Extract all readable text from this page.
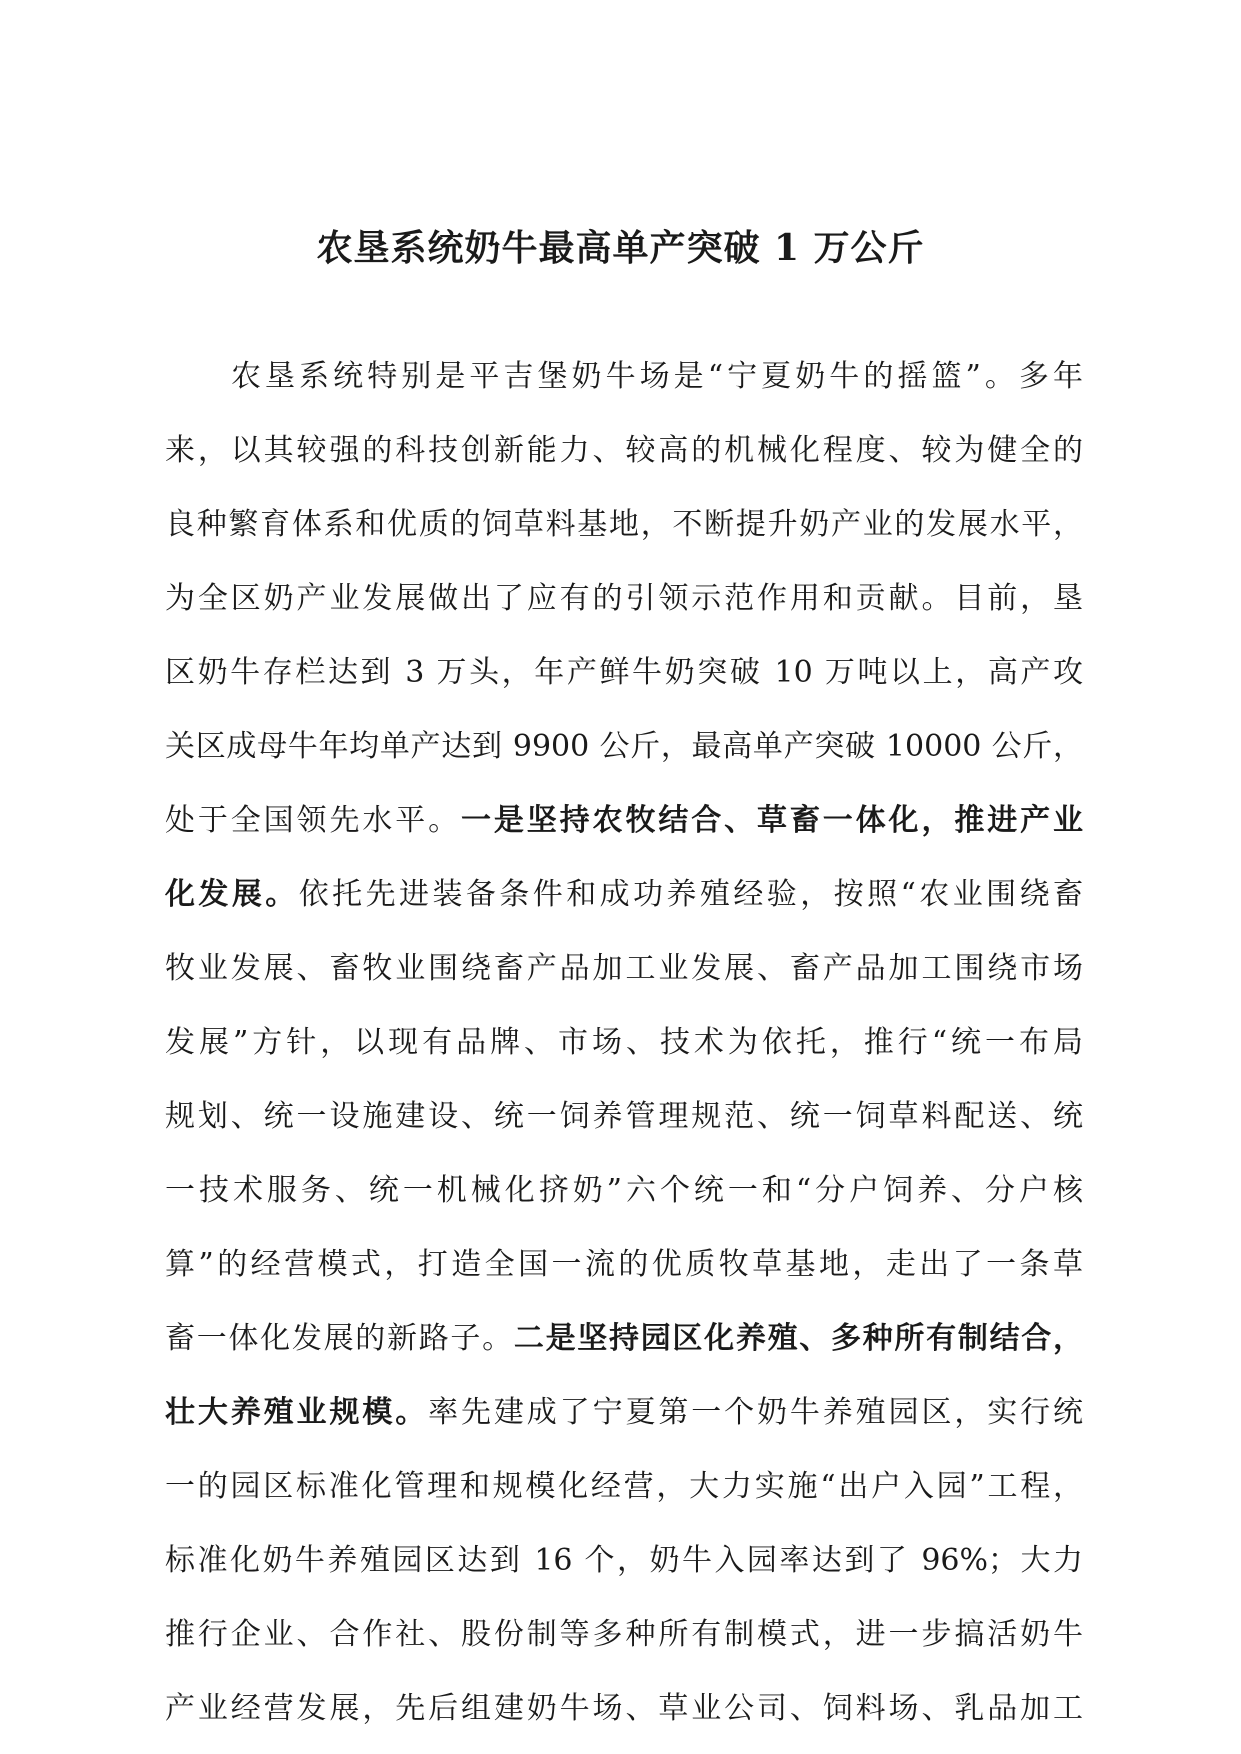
农垦系统奶牛最高单产突破 1 万公斤
农垦系统特别是平吉堡奶牛场是“宁夏奶牛的摇篮”。多年
来，以其较强的科技创新能力、较高的机械化程度、较为健全的
良种繁育体系和优质的饲草料基地，不断提升奶产业的发展水平，
为全区奶产业发展做出了应有的引领示范作用和贡献。目前，垦
区奶牛存栏达到 3 万头，年产鲜牛奶突破 10 万吨以上，高产攻
关区成母牛年均单产达到 9900 公斤，最高单产突破 10000 公斤，
处于全国领先水平。一是坚持农牧结合、草畜一体化，推进产业
化发展。依托先进装备条件和成功养殖经验，按照“农业围绕畜
牧业发展、畜牧业围绕畜产品加工业发展、畜产品加工围绕市场
发展”方针，以现有品牌、市场、技术为依托，推行“统一布局
规划、统一设施建设、统一饲养管理规范、统一饲草料配送、统
一技术服务、统一机械化挤奶”六个统一和“分户饲养、分户核
算”的经营模式，打造全国一流的优质牧草基地，走出了一条草
畜一体化发展的新路子。二是坚持园区化养殖、多种所有制结合，
壮大养殖业规模。率先建成了宁夏第一个奶牛养殖园区，实行统
一的园区标准化管理和规模化经营，大力实施“出户入园”工程，
标准化奶牛养殖园区达到 16 个，奶牛入园率达到了 96%；大力
推行企业、合作社、股份制等多种所有制模式，进一步搞活奶牛
产业经营发展，先后组建奶牛场、草业公司、饲料场、乳品加工
